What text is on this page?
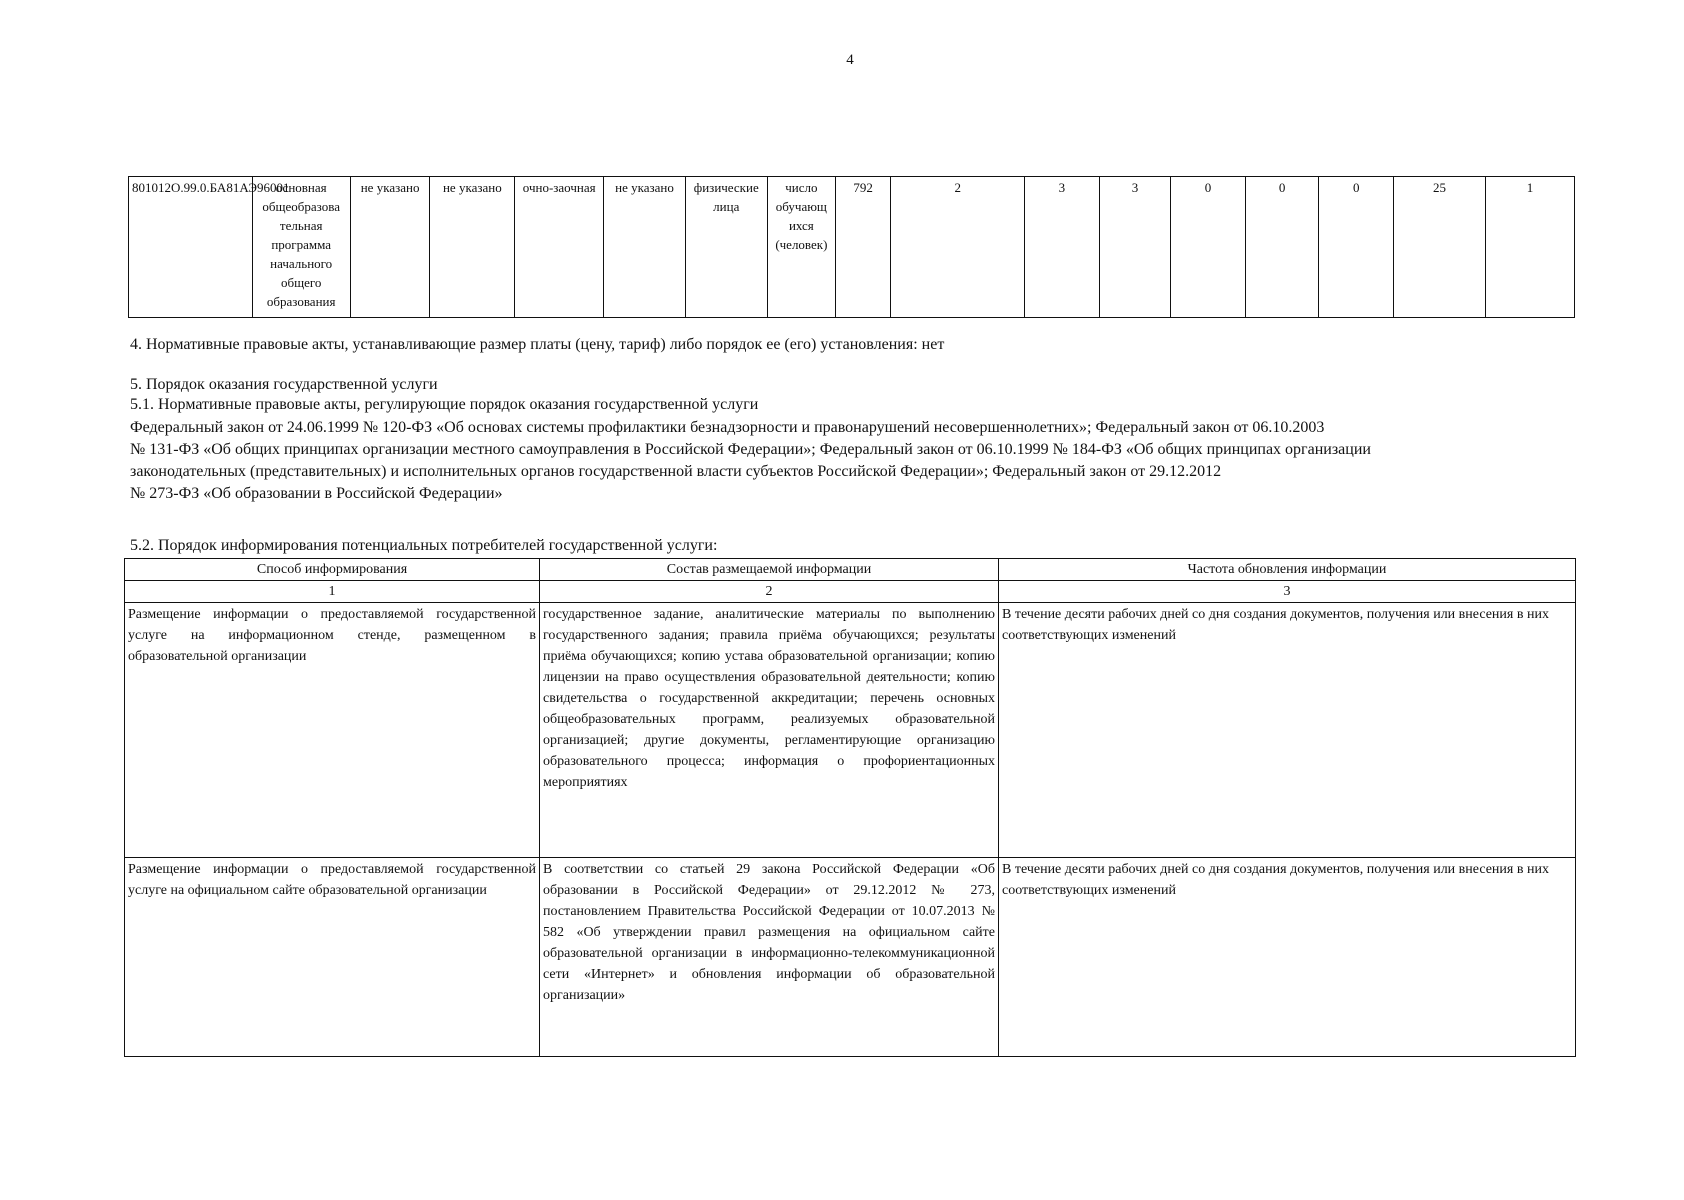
4
801012О.99.0.БА81АЭ96001	основная общеобразова тельная программа начального общего образования	не указано	не указано	очно-заочная	не указано	физические лица	число обучающ ихся (человек)	792	2	3	3	0	0	0	25	1
4. Нормативные правовые акты, устанавливающие размер платы (цену, тариф) либо порядок ее (его) установления: нет
5. Порядок оказания государственной услуги
5.1. Нормативные правовые акты, регулирующие порядок оказания государственной услуги

Федеральный закон от 24.06.1999 № 120-ФЗ «Об основах системы профилактики безнадзорности и правонарушений несовершеннолетних»; Федеральный закон от 06.10.2003

№ 131-ФЗ «Об общих принципах организации местного самоуправления в Российской Федерации»; Федеральный закон от 06.10.1999 № 184-ФЗ «Об общих принципах организации

законодательных (представительных) и исполнительных органов государственной власти субъектов Российской Федерации»; Федеральный закон от 29.12.2012

№ 273-ФЗ «Об образовании в Российской Федерации»

5.2. Порядок информирования потенциальных потребителей государственной услуги:
Способ информирования	Состав размещаемой информации	Частота обновления информации
1	2	3
Размещение информации о предоставляемой государственной услуге на информационном стенде, размещенном в образовательной организации	государственное задание, аналитические материалы по выполнению государственного задания; правила приёма обучающихся; результаты приёма обучающихся; копию устава образовательной организации; копию лицензии на право осуществления образовательной деятельности; копию свидетельства о государственной аккредитации; перечень основных общеобразовательных программ, реализуемых образовательной организацией; другие документы, регламентирующие организацию образовательного процесса; информация о профориентационных мероприятиях	В течение десяти рабочих дней со дня создания документов, получения или внесения в них соответствующих изменений
Размещение информации о предоставляемой государственной услуге на официальном сайте образовательной организации	В соответствии со статьей 29 закона Российской Федерации «Об образовании в Российской Федерации» от 29.12.2012 № 273, постановлением Правительства Российской Федерации от 10.07.2013 № 582 «Об утверждении правил размещения на официальном сайте образовательной организации в информационно-телекоммуникационной сети «Интернет» и обновления информации об образовательной организации»	В течение десяти рабочих дней со дня создания документов, получения или внесения в них соответствующих изменений
